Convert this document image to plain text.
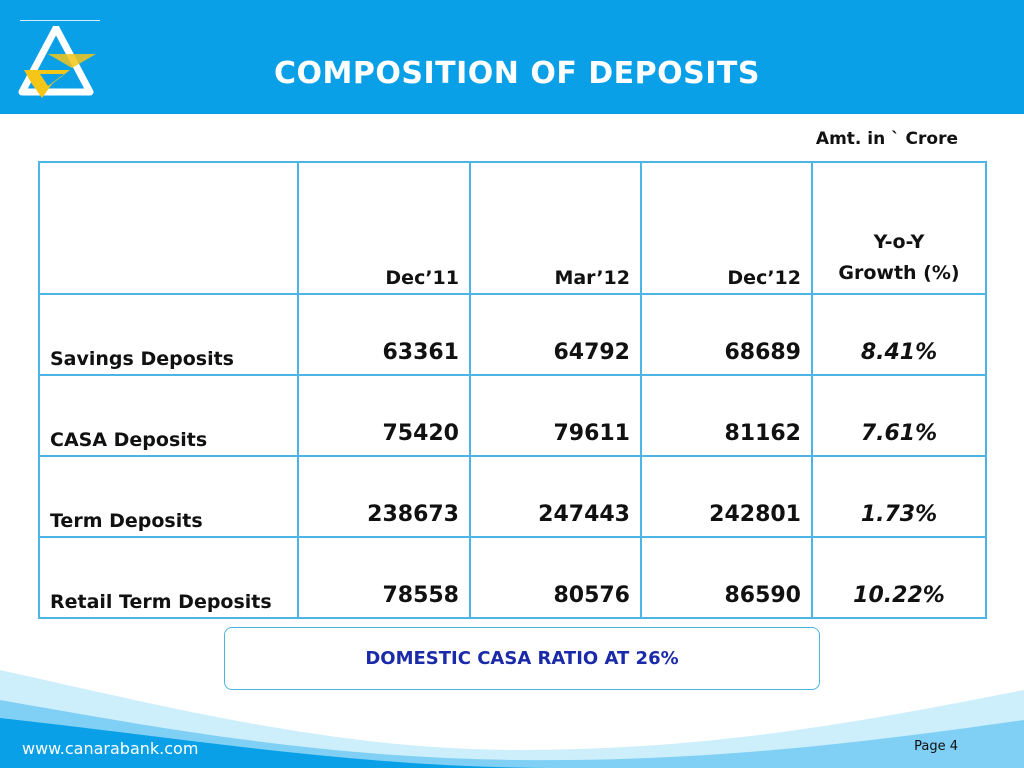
COMPOSITION OF DEPOSITS
Amt. in ` Crore
	Dec’11	Mar’12	Dec’12	Y-o-Y
Growth (%)

Savings Deposits	63361	64792	68689	8.41%
CASA Deposits	75420	79611	81162	7.61%
Term Deposits	238673	247443	242801	1.73%
Retail Term Deposits	78558	80576	86590	10.22%
DOMESTIC CASA RATIO AT 26%
www.canarabank.com	Page 4
